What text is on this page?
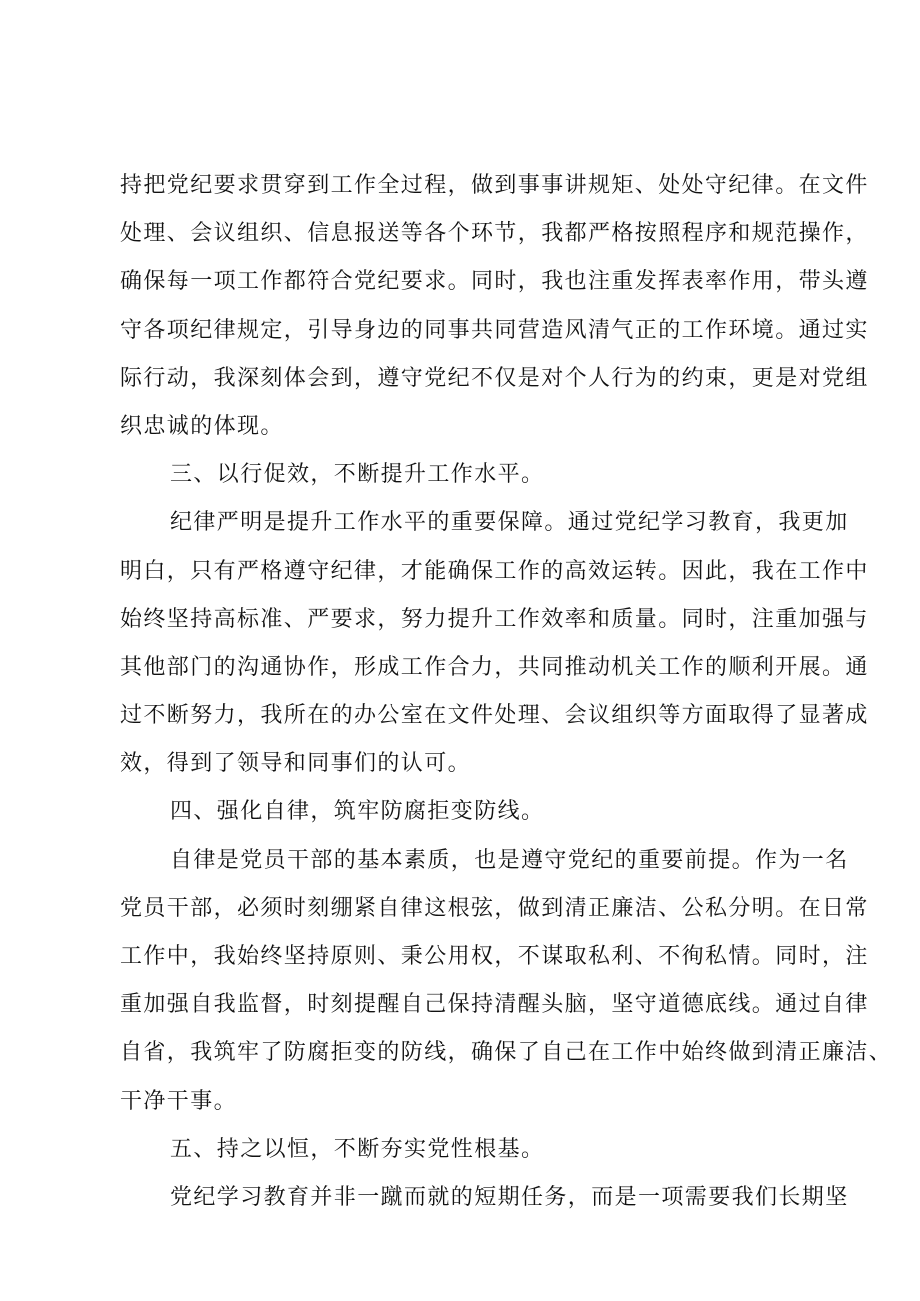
持把党纪要求贯穿到工作全过程，做到事事讲规矩、处处守纪律。在文件
处理、会议组织、信息报送等各个环节，我都严格按照程序和规范操作，
确保每一项工作都符合党纪要求。同时，我也注重发挥表率作用，带头遵
守各项纪律规定，引导身边的同事共同营造风清气正的工作环境。通过实
际行动，我深刻体会到，遵守党纪不仅是对个人行为的约束，更是对党组
织忠诚的体现。

三、以行促效，不断提升工作水平。

纪律严明是提升工作水平的重要保障。通过党纪学习教育，我更加
明白，只有严格遵守纪律，才能确保工作的高效运转。因此，我在工作中
始终坚持高标准、严要求，努力提升工作效率和质量。同时，注重加强与
其他部门的沟通协作，形成工作合力，共同推动机关工作的顺利开展。通
过不断努力，我所在的办公室在文件处理、会议组织等方面取得了显著成
效，得到了领导和同事们的认可。

四、强化自律，筑牢防腐拒变防线。

自律是党员干部的基本素质，也是遵守党纪的重要前提。作为一名
党员干部，必须时刻绷紧自律这根弦，做到清正廉洁、公私分明。在日常
工作中，我始终坚持原则、秉公用权，不谋取私利、不徇私情。同时，注
重加强自我监督，时刻提醒自己保持清醒头脑，坚守道德底线。通过自律
自省，我筑牢了防腐拒变的防线，确保了自己在工作中始终做到清正廉洁、
干净干事。

五、持之以恒，不断夯实党性根基。

党纪学习教育并非一蹴而就的短期任务，而是一项需要我们长期坚
